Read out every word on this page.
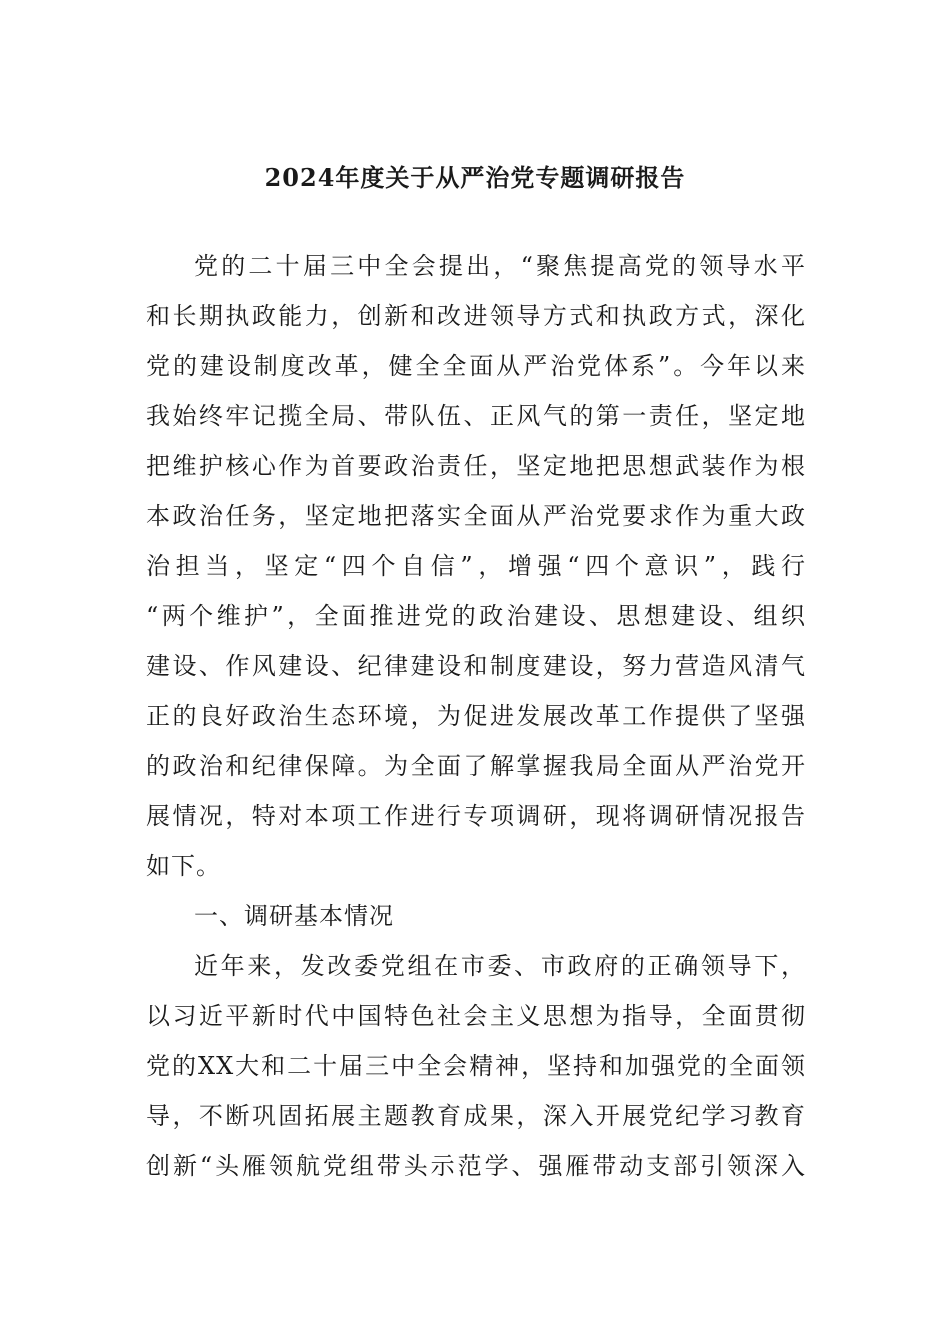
2024年度关于从严治党专题调研报告
党的二十届三中全会提出，“聚焦提高党的领导水平
和长期执政能力，创新和改进领导方式和执政方式，深化
党的建设制度改革，健全全面从严治党体系”。今年以来
我始终牢记揽全局、带队伍、正风气的第一责任，坚定地
把维护核心作为首要政治责任，坚定地把思想武装作为根
本政治任务，坚定地把落实全面从严治党要求作为重大政
治担当，坚定“四个自信”，增强“四个意识”，践行
“两个维护”，全面推进党的政治建设、思想建设、组织
建设、作风建设、纪律建设和制度建设，努力营造风清气
正的良好政治生态环境，为促进发展改革工作提供了坚强
的政治和纪律保障。为全面了解掌握我局全面从严治党开
展情况，特对本项工作进行专项调研，现将调研情况报告
如下。
一、调研基本情况
近年来，发改委党组在市委、市政府的正确领导下，
以习近平新时代中国特色社会主义思想为指导，全面贯彻
党的XX大和二十届三中全会精神，坚持和加强党的全面领
导，不断巩固拓展主题教育成果，深入开展党纪学习教育
创新“头雁领航党组带头示范学、强雁带动支部引领深入
